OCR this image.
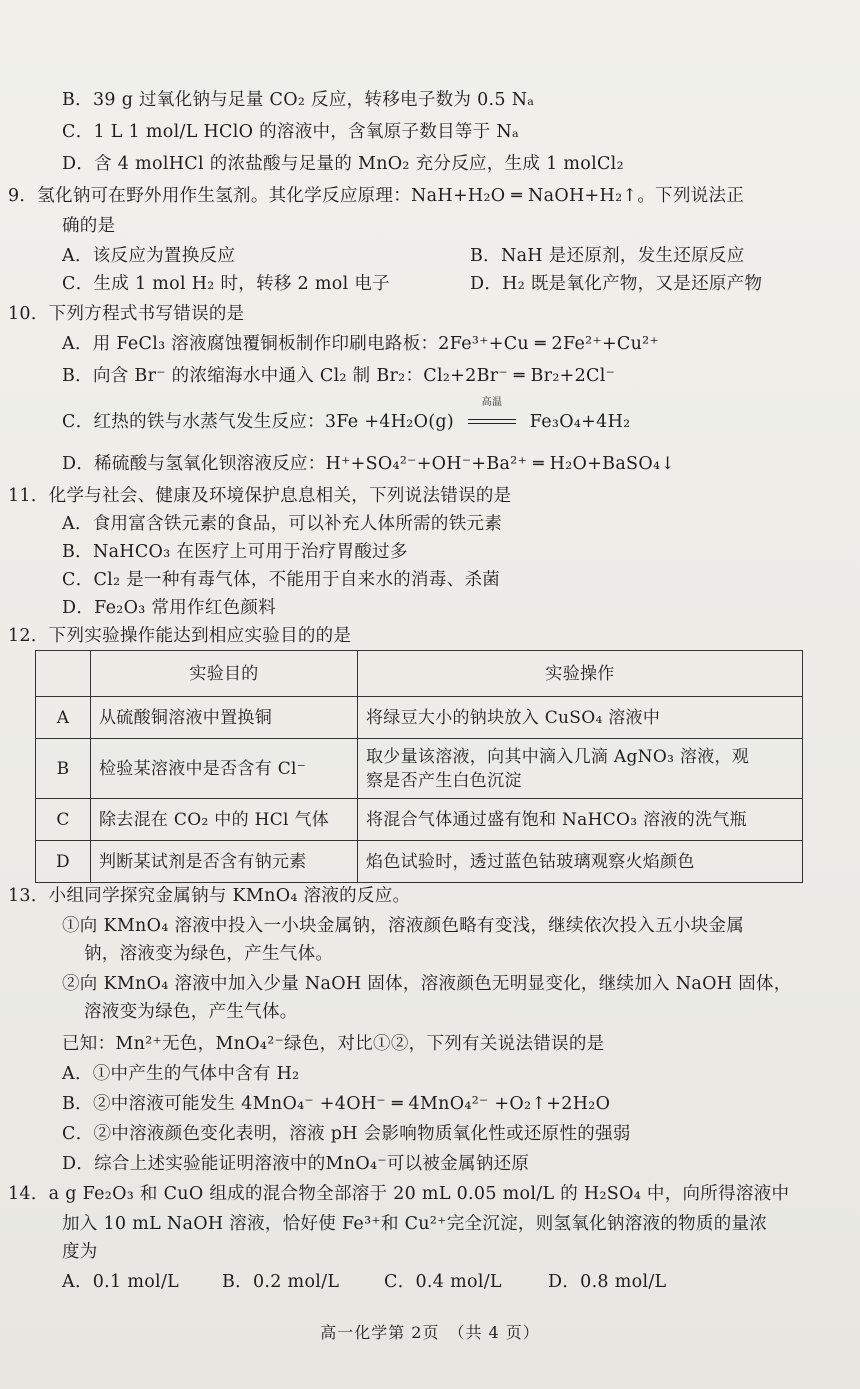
B．39 g 过氧化钠与足量 CO₂ 反应，转移电子数为 0.5 Nₐ
C．1 L 1 mol/L HClO 的溶液中，含氧原子数目等于 Nₐ
D．含 4 molHCl 的浓盐酸与足量的 MnO₂ 充分反应，生成 1 molCl₂
9．氢化钠可在野外用作生氢剂。其化学反应原理：NaH+H₂O ═ NaOH+H₂↑。下列说法正
确的是
A．该反应为置换反应	B．NaH 是还原剂，发生还原反应
C．生成 1 mol H₂ 时，转移 2 mol 电子	D．H₂ 既是氧化产物，又是还原产物
10．下列方程式书写错误的是
A．用 FeCl₃ 溶液腐蚀覆铜板制作印刷电路板：2Fe³⁺+Cu ═ 2Fe²⁺+Cu²⁺
B．向含 Br⁻ 的浓缩海水中通入 Cl₂ 制 Br₂：Cl₂+2Br⁻ ═ Br₂+2Cl⁻
C．红热的铁与水蒸气发生反应：3Fe +4H₂O(g)
高温
Fe₃O₄+4H₂
D．稀硫酸与氢氧化钡溶液反应：H⁺+SO₄²⁻+OH⁻+Ba²⁺ ═ H₂O+BaSO₄↓
11．化学与社会、健康及环境保护息息相关，下列说法错误的是
A．食用富含铁元素的食品，可以补充人体所需的铁元素
B．NaHCO₃ 在医疗上可用于治疗胃酸过多
C．Cl₂ 是一种有毒气体，不能用于自来水的消毒、杀菌
D．Fe₂O₃ 常用作红色颜料
12．下列实验操作能达到相应实验目的的是
	实验目的	实验操作
A	从硫酸铜溶液中置换铜	将绿豆大小的钠块放入 CuSO₄ 溶液中
B	检验某溶液中是否含有 Cl⁻	取少量该溶液，向其中滴入几滴 AgNO₃ 溶液，观
察是否产生白色沉淀

C	除去混在 CO₂ 中的 HCl 气体	将混合气体通过盛有饱和 NaHCO₃ 溶液的洗气瓶
D	判断某试剂是否含有钠元素	焰色试验时，透过蓝色钴玻璃观察火焰颜色
13．小组同学探究金属钠与 KMnO₄ 溶液的反应。
①向 KMnO₄ 溶液中投入一小块金属钠，溶液颜色略有变浅，继续依次投入五小块金属
钠，溶液变为绿色，产生气体。
②向 KMnO₄ 溶液中加入少量 NaOH 固体，溶液颜色无明显变化，继续加入 NaOH 固体，
溶液变为绿色，产生气体。
已知：Mn²⁺无色，MnO₄²⁻绿色，对比①②，下列有关说法错误的是
A．①中产生的气体中含有 H₂
B．②中溶液可能发生 4MnO₄⁻ +4OH⁻ ═ 4MnO₄²⁻ +O₂↑+2H₂O
C．②中溶液颜色变化表明，溶液 pH 会影响物质氧化性或还原性的强弱
D．综合上述实验能证明溶液中的MnO₄⁻可以被金属钠还原
14．a g Fe₂O₃ 和 CuO 组成的混合物全部溶于 20 mL 0.05 mol/L 的 H₂SO₄ 中，向所得溶液中
加入 10 mL NaOH 溶液，恰好使 Fe³⁺和 Cu²⁺完全沉淀，则氢氧化钠溶液的物质的量浓
度为
A．0.1 mol/L B．0.2 mol/L	C．0.4 mol/L	D．0.8 mol/L
高一化学第 2页　（共 4 页）
